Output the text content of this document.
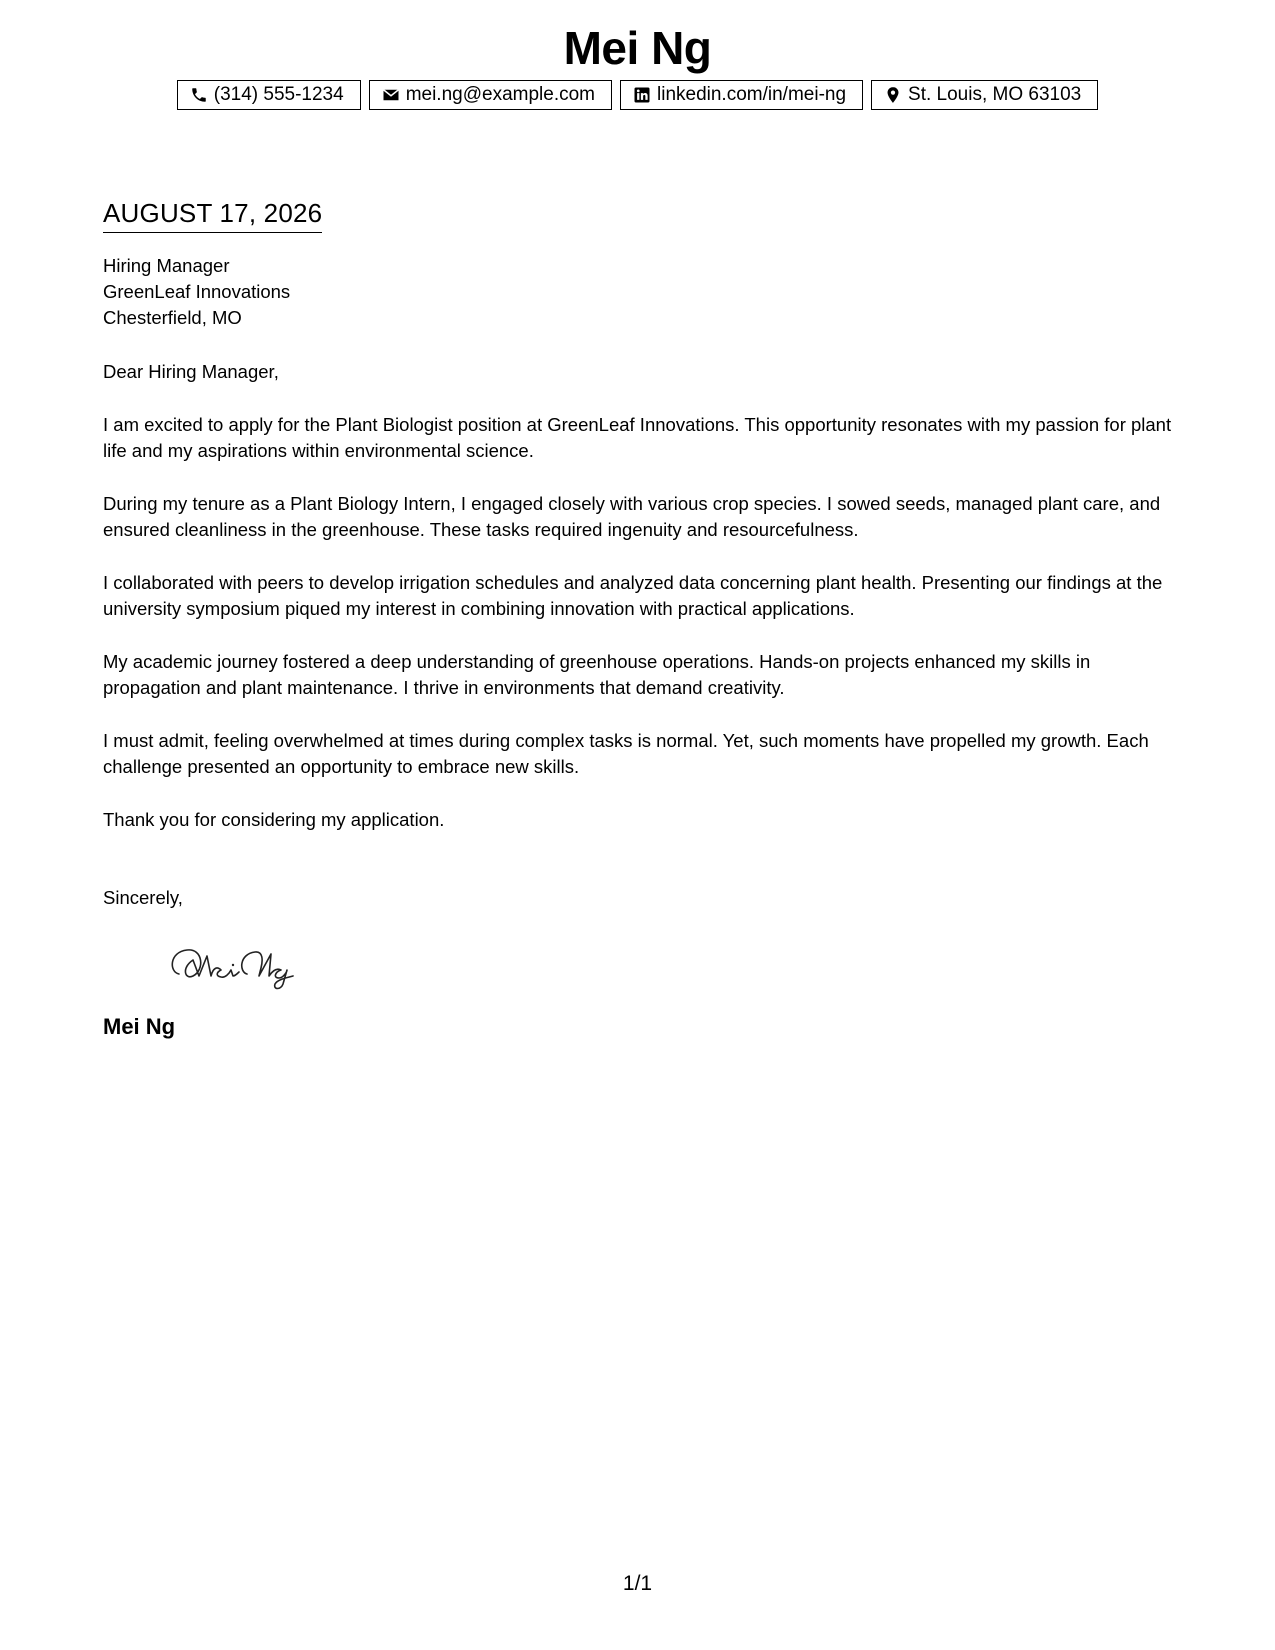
Mei Ng
(314) 555-1234	mei.ng@example.com	linkedin.com/in/mei-ng	St. Louis, MO 63103
AUGUST 17, 2026
Hiring Manager
GreenLeaf Innovations
Chesterfield, MO
Dear Hiring Manager,

I am excited to apply for the Plant Biologist position at GreenLeaf Innovations. This opportunity resonates with my passion for plant life and my aspirations within environmental science.

During my tenure as a Plant Biology Intern, I engaged closely with various crop species. I sowed seeds, managed plant care, and ensured cleanliness in the greenhouse. These tasks required ingenuity and resourcefulness.

I collaborated with peers to develop irrigation schedules and analyzed data concerning plant health. Presenting our findings at the university symposium piqued my interest in combining innovation with practical applications.

My academic journey fostered a deep understanding of greenhouse operations. Hands-on projects enhanced my skills in propagation and plant maintenance. I thrive in environments that demand creativity.

I must admit, feeling overwhelmed at times during complex tasks is normal. Yet, such moments have propelled my growth. Each challenge presented an opportunity to embrace new skills.

Thank you for considering my application.

Sincerely,
Mei Ng
1/1
